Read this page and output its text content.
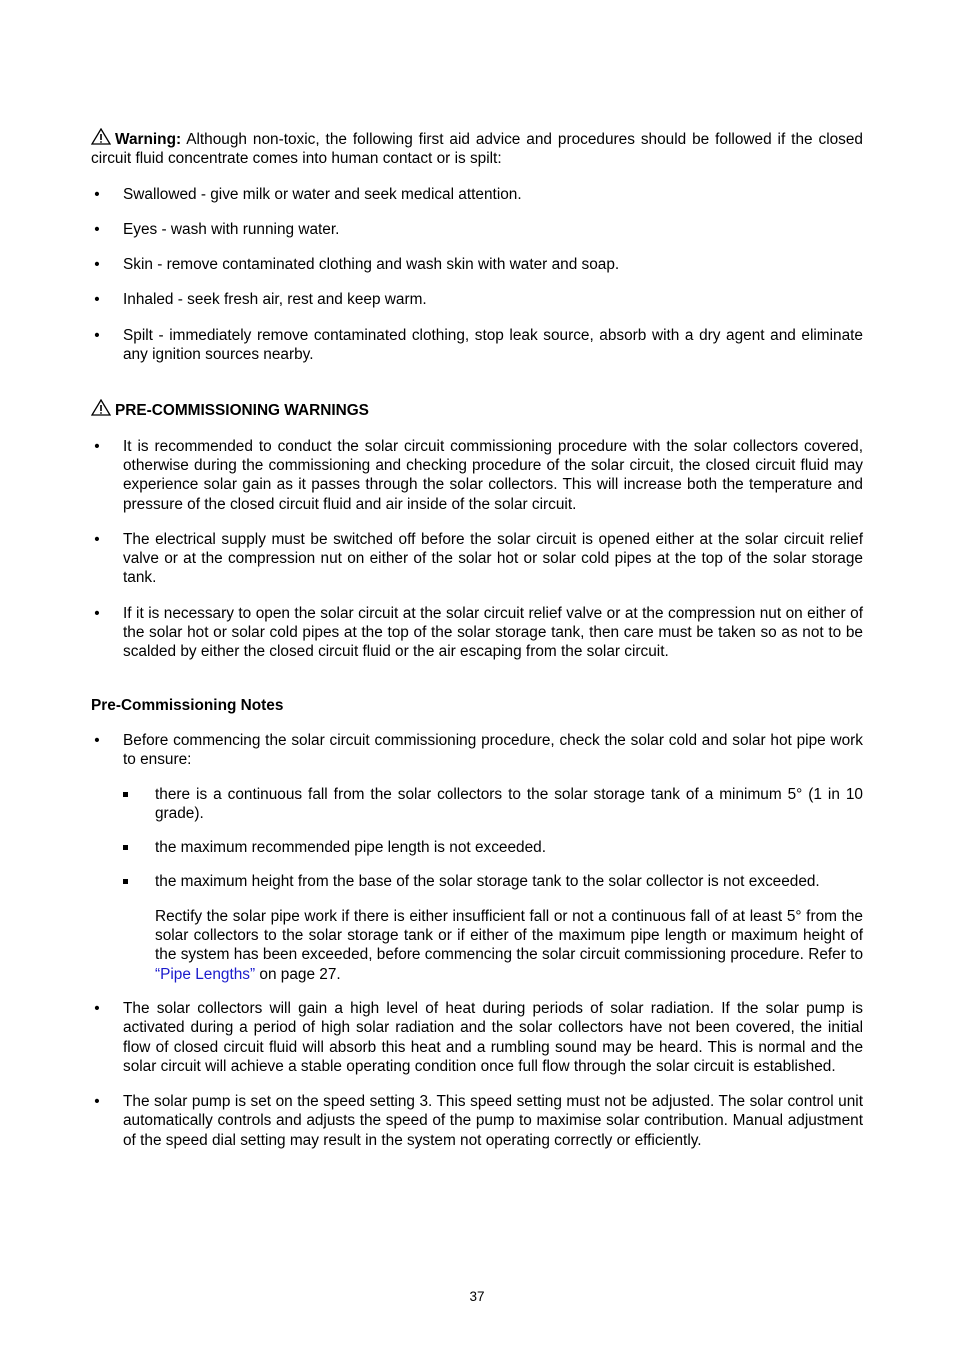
Warning: Although non-toxic, the following first aid advice and procedures should be followed if the closed circuit fluid concentrate comes into human contact or is spilt:

• Swallowed - give milk or water and seek medical attention.

• Eyes - wash with running water.

• Skin - remove contaminated clothing and wash skin with water and soap.

• Inhaled - seek fresh air, rest and keep warm.

• Spilt - immediately remove contaminated clothing, stop leak source, absorb with a dry agent and eliminate any ignition sources nearby.

PRE-COMMISSIONING WARNINGS

• It is recommended to conduct the solar circuit commissioning procedure with the solar collectors covered, otherwise during the commissioning and checking procedure of the solar circuit, the closed circuit fluid may experience solar gain as it passes through the solar collectors. This will increase both the temperature and pressure of the closed circuit fluid and air inside of the solar circuit.

• The electrical supply must be switched off before the solar circuit is opened either at the solar circuit relief valve or at the compression nut on either of the solar hot or solar cold pipes at the top of the solar storage tank.

• If it is necessary to open the solar circuit at the solar circuit relief valve or at the compression nut on either of the solar hot or solar cold pipes at the top of the solar storage tank, then care must be taken so as not to be scalded by either the closed circuit fluid or the air escaping from the solar circuit.

Pre-Commissioning Notes

• Before commencing the solar circuit commissioning procedure, check the solar cold and solar hot pipe work to ensure:

there is a continuous fall from the solar collectors to the solar storage tank of a minimum 5° (1 in 10 grade).

the maximum recommended pipe length is not exceeded.

the maximum height from the base of the solar storage tank to the solar collector is not exceeded.

Rectify the solar pipe work if there is either insufficient fall or not a continuous fall of at least 5° from the solar collectors to the solar storage tank or if either of the maximum pipe length or maximum height of the system has been exceeded, before commencing the solar circuit commissioning procedure. Refer to “Pipe Lengths” on page 27.

• The solar collectors will gain a high level of heat during periods of solar radiation. If the solar pump is activated during a period of high solar radiation and the solar collectors have not been covered, the initial flow of closed circuit fluid will absorb this heat and a rumbling sound may be heard. This is normal and the solar circuit will achieve a stable operating condition once full flow through the solar circuit is established.

• The solar pump is set on the speed setting 3. This speed setting must not be adjusted. The solar control unit automatically controls and adjusts the speed of the pump to maximise solar contribution. Manual adjustment of the speed dial setting may result in the system not operating correctly or efficiently.

37
